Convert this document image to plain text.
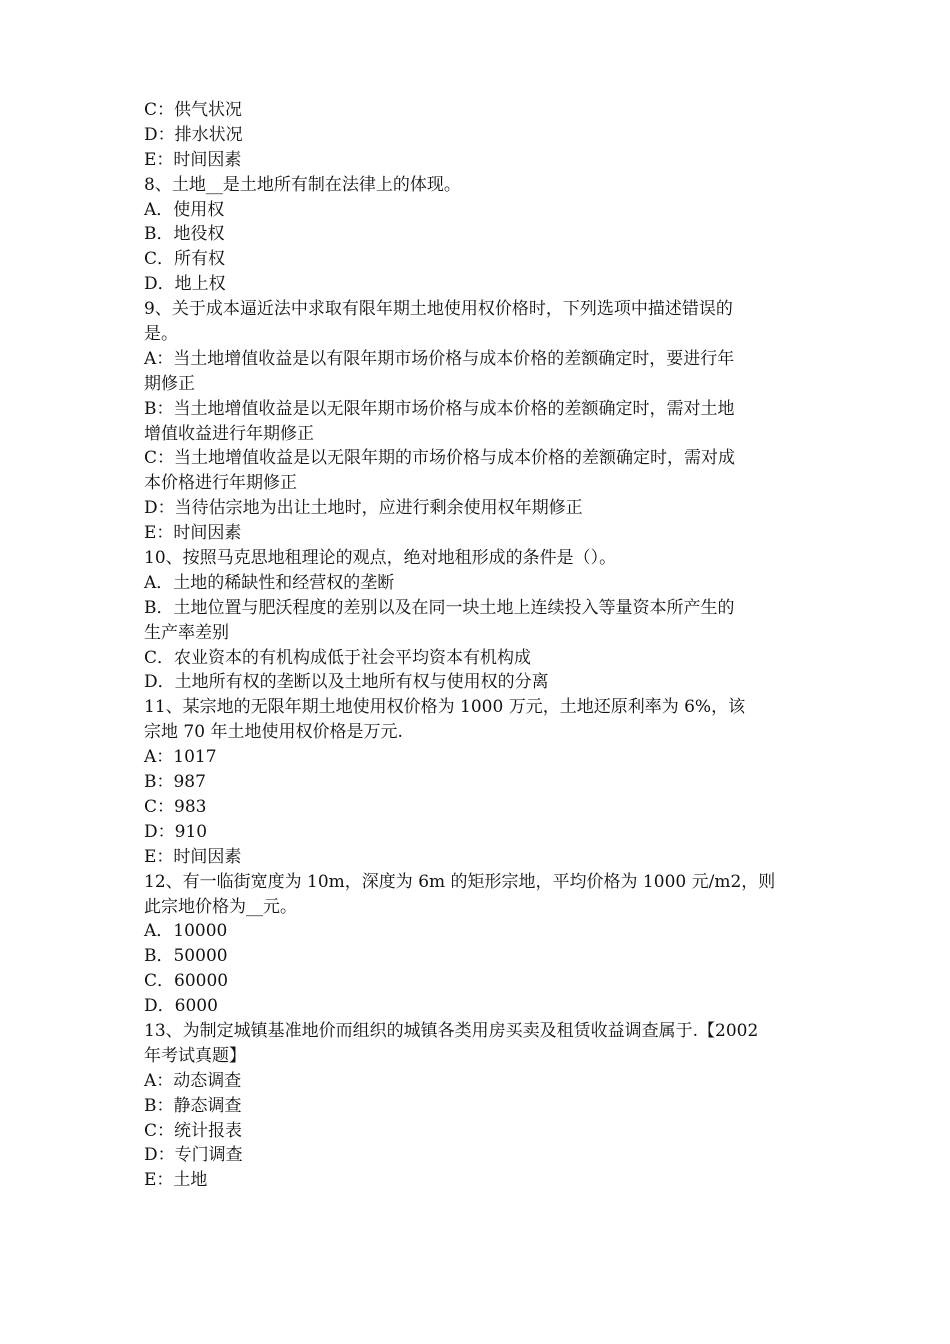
C：供气状况
D：排水状况
E：时间因素
8、土地__是土地所有制在法律上的体现。
A．使用权
B．地役权
C．所有权
D．地上权
9、关于成本逼近法中求取有限年期土地使用权价格时，下列选项中描述错误的
是。
A：当土地增值收益是以有限年期市场价格与成本价格的差额确定时，要进行年
期修正
B：当土地增值收益是以无限年期市场价格与成本价格的差额确定时，需对土地
增值收益进行年期修正
C：当土地增值收益是以无限年期的市场价格与成本价格的差额确定时，需对成
本价格进行年期修正
D：当待估宗地为出让土地时，应进行剩余使用权年期修正
E：时间因素
10、按照马克思地租理论的观点，绝对地租形成的条件是（）。
A．土地的稀缺性和经营权的垄断
B．土地位置与肥沃程度的差别以及在同一块土地上连续投入等量资本所产生的
生产率差别
C．农业资本的有机构成低于社会平均资本有机构成
D．土地所有权的垄断以及土地所有权与使用权的分离
11、某宗地的无限年期土地使用权价格为 1000 万元，土地还原利率为 6%，该
宗地 70 年土地使用权价格是万元.
A：1017
B：987
C：983
D：910
E：时间因素
12、有一临街宽度为 10m，深度为 6m 的矩形宗地，平均价格为 1000 元/m2，则
此宗地价格为__元。
A．10000
B．50000
C．60000
D．6000
13、为制定城镇基准地价而组织的城镇各类用房买卖及租赁收益调查属于.【2002
年考试真题】
A：动态调查
B：静态调查
C：统计报表
D：专门调查
E：土地
